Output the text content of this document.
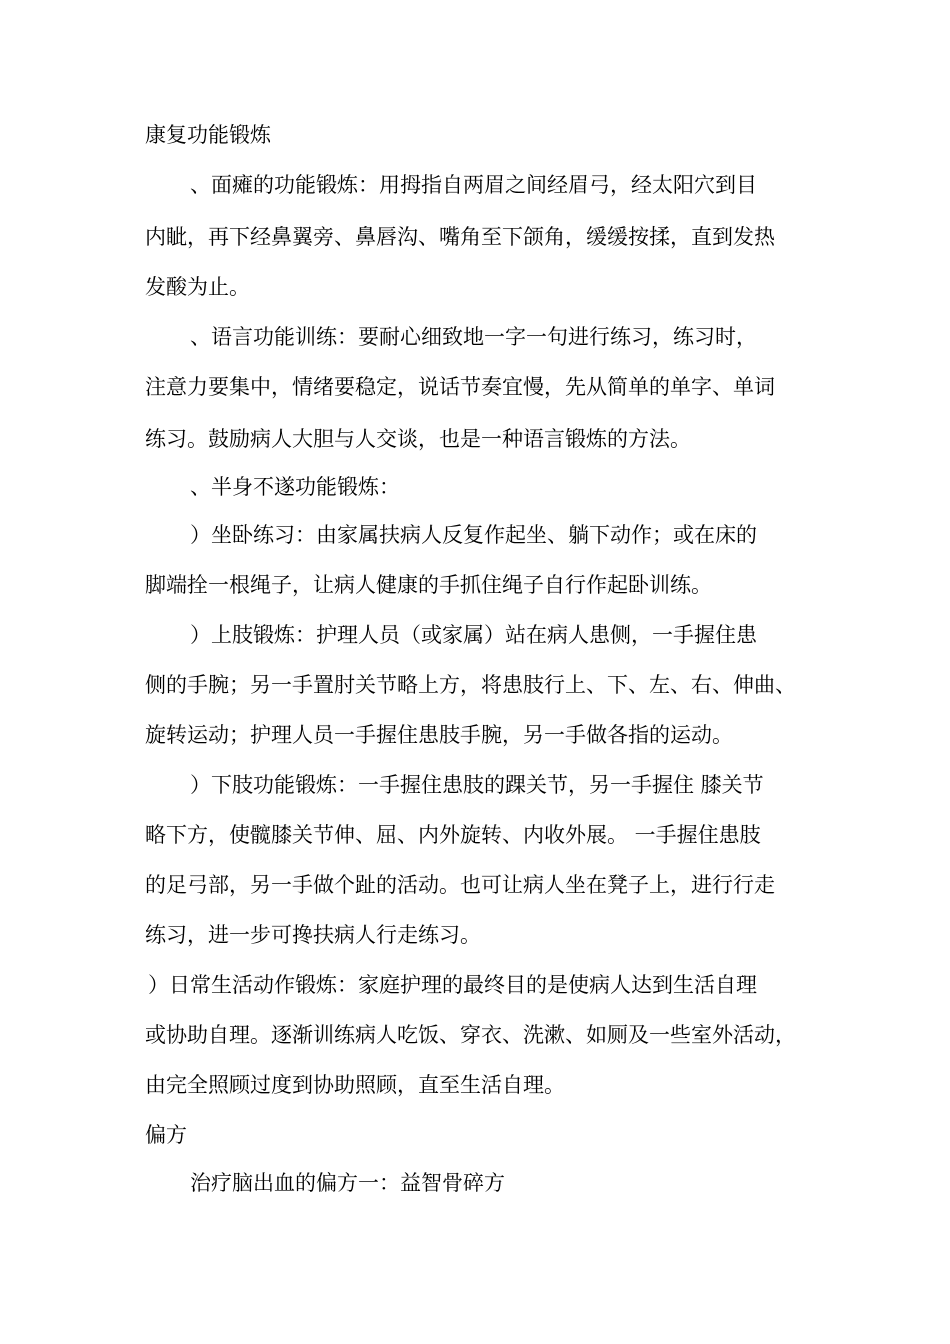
康复功能锻炼
、面瘫的功能锻炼：用拇指自两眉之间经眉弓，经太阳穴到目
内眦，再下经鼻翼旁、鼻唇沟、嘴角至下颌角，缓缓按揉，直到发热
发酸为止。
、语言功能训练：要耐心细致地一字一句进行练习，练习时，
注意力要集中，情绪要稳定，说话节奏宜慢，先从简单的单字、单词
练习。鼓励病人大胆与人交谈，也是一种语言锻炼的方法。
、半身不遂功能锻炼：
）坐卧练习：由家属扶病人反复作起坐、躺下动作；或在床的
脚端拴一根绳子，让病人健康的手抓住绳子自行作起卧训练。
）上肢锻炼：护理人员（或家属）站在病人患侧，一手握住患
侧的手腕；另一手置肘关节略上方，将患肢行上、下、左、右、伸曲、
旋转运动；护理人员一手握住患肢手腕，另一手做各指的运动。
）下肢功能锻炼：一手握住患肢的踝关节，另一手握住 膝关节
略下方，使髋膝关节伸、屈、内外旋转、内收外展。 一手握住患肢
的足弓部，另一手做个趾的活动。也可让病人坐在凳子上，进行行走
练习，进一步可搀扶病人行走练习。
）日常生活动作锻炼：家庭护理的最终目的是使病人达到生活自理
或协助自理。逐渐训练病人吃饭、穿衣、洗漱、如厕及一些室外活动，
由完全照顾过度到协助照顾，直至生活自理。
偏方
治疗脑出血的偏方一：益智骨碎方
